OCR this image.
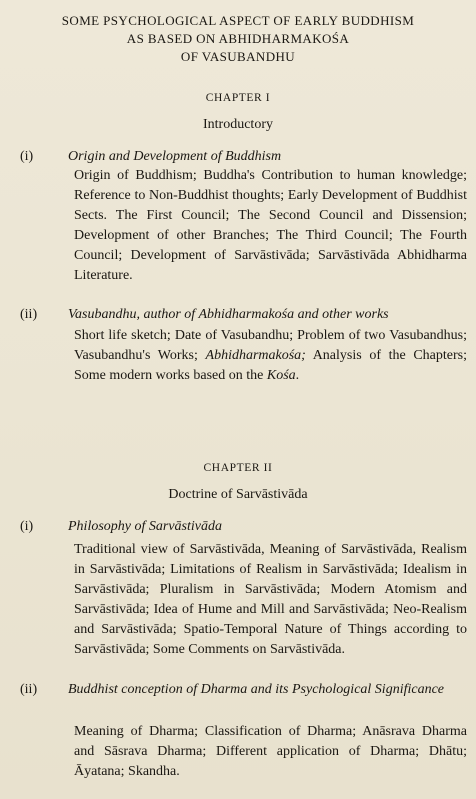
SOME PSYCHOLOGICAL ASPECT OF EARLY BUDDHISM
AS BASED ON ABHIDHARMAKOŚA
OF VASUBANDHU
CHAPTER I
Introductory
(i) Origin and Development of Buddhism

Origin of Buddhism; Buddha's Contribution to human knowledge; Reference to Non-Buddhist thoughts; Early Development of Buddhist Sects. The First Council; The Second Council and Dissension; Development of other Branches; The Third Council; The Fourth Council; Development of Sarvāstivāda; Sarvāstivāda Abhidharma Literature.

(ii) Vasubandhu, author of Abhidharmakośa and other works

Short life sketch; Date of Vasubandhu; Problem of two Vasubandhus; Vasubandhu's Works; Abhidharmakośa; Analysis of the Chapters; Some modern works based on the Kośa.

CHAPTER II
Doctrine of Sarvāstivāda
(i) Philosophy of Sarvāstivāda

Traditional view of Sarvāstivāda, Meaning of Sarvāstivāda, Realism in Sarvāstivāda; Limitations of Realism in Sarvāstivāda; Idealism in Sarvāstivāda; Pluralism in Sarvāstivāda; Modern Atomism and Sarvāstivāda; Idea of Hume and Mill and Sarvāstivāda; Neo-Realism and Sarvāstivāda; Spatio-Temporal Nature of Things according to Sarvāstivāda; Some Comments on Sarvāstivāda.

(ii) Buddhist conception of Dharma and its Psychological Significance

Meaning of Dharma; Classification of Dharma; Anāsrava Dharma and Sāsrava Dharma; Different application of Dharma; Dhātu; Āyatana; Skandha.
